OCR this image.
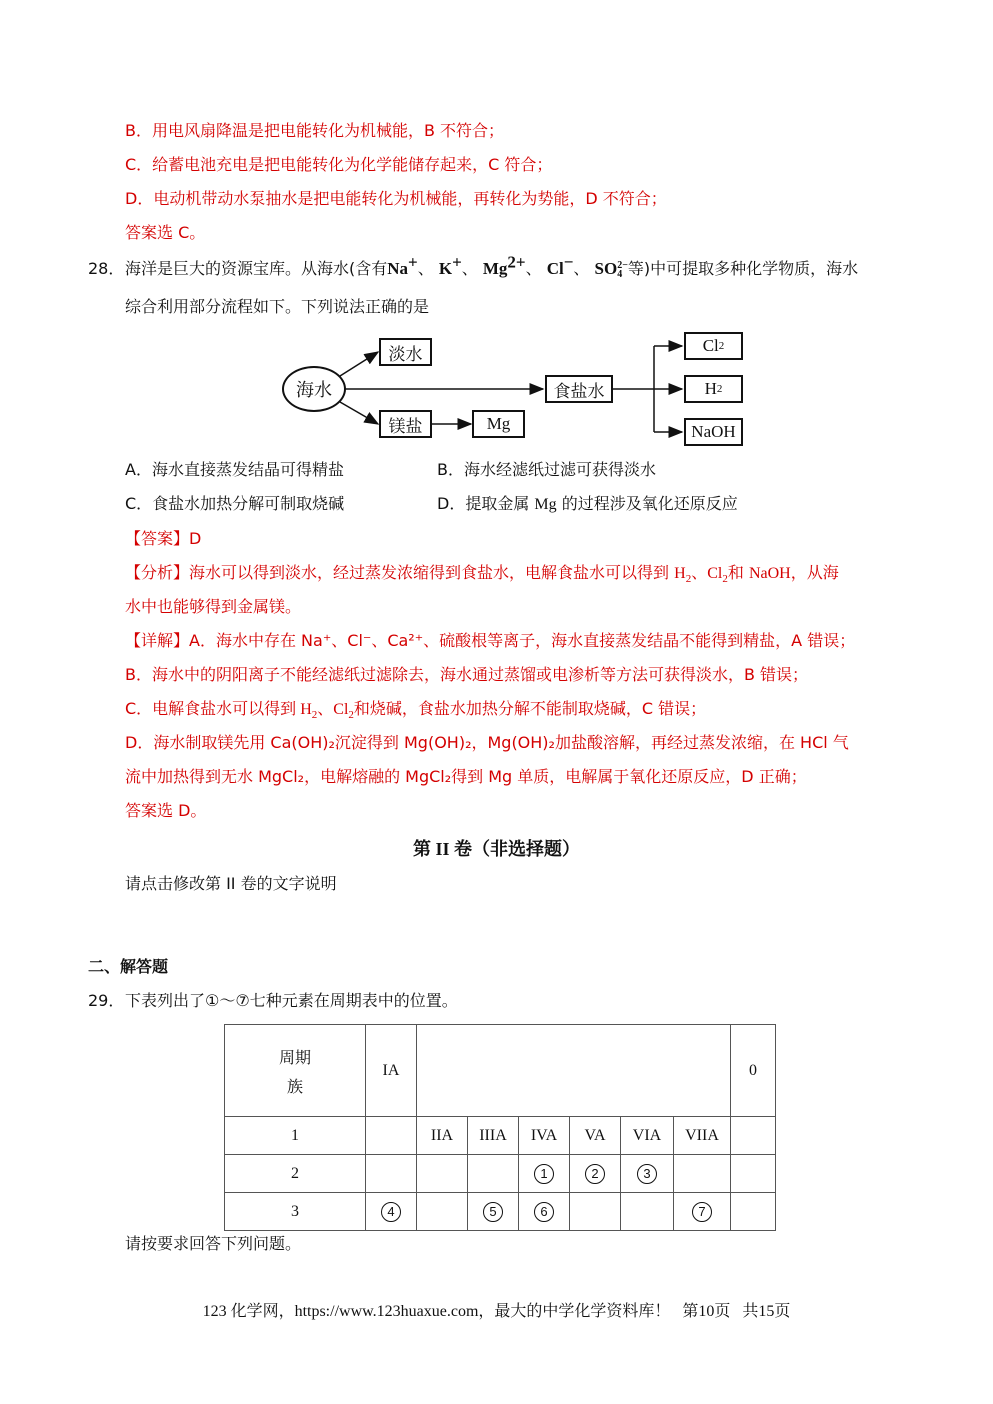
B．用电风扇降温是把电能转化为机械能，B 不符合；
C．给蓄电池充电是把电能转化为化学能储存起来，C 符合；
D．电动机带动水泵抽水是把电能转化为机械能，再转化为势能，D 不符合；
答案选 C。
28． 海洋是巨大的资源宝库。从海水(含有Na+、 K+、 $Mg^{2+}$、 Cl−、 SO 2−
4 等)中可提取多种化学物质，海水
综合利用部分流程如下。下列说法正确的是
海水
淡水
食盐水
镁盐	Mg
Cl 2
H 2
NaOH
A．海水直接蒸发结晶可得精盐	B．海水经滤纸过滤可获得淡水
C．食盐水加热分解可制取烧碱	D．提取金属 Mg 的过程涉及氧化还原反应
【答案】D
【分析】海水可以得到淡水，经过蒸发浓缩得到食盐水，电解食盐水可以得到 $H_2$、$Cl_2$和 NaOH，从海
水中也能够得到金属镁。
【详解】A．海水中存在 Na⁺、Cl⁻、Ca²⁺、硫酸根等离子，海水直接蒸发结晶不能得到精盐，A 错误；
B．海水中的阴阳离子不能经滤纸过滤除去，海水通过蒸馏或电渗析等方法可获得淡水，B 错误；
C．电解食盐水可以得到 $H_2$、$Cl_2$和烧碱，食盐水加热分解不能制取烧碱，C 错误；
D．海水制取镁先用 Ca(OH)₂沉淀得到 Mg(OH)₂，Mg(OH)₂加盐酸溶解，再经过蒸发浓缩，在 HCl 气
流中加热得到无水 MgCl₂，电解熔融的 MgCl₂得到 Mg 单质，电解属于氧化还原反应，D 正确；
答案选 D。
第 II 卷（非选择题）
请点击修改第 II 卷的文字说明
二、解答题
29． 下表列出了①～⑦七种元素在周期表中的位置。
周期
族	IA							0
1		IIA	IIIA	IVA	VA	VIA	VIIA	
2				1	2	3		
3	4		5	6			7	
请按要求回答下列问题。
123 化学网，https://www.123huaxue.com，最大的中学化学资料库！ 第10页 共15页
